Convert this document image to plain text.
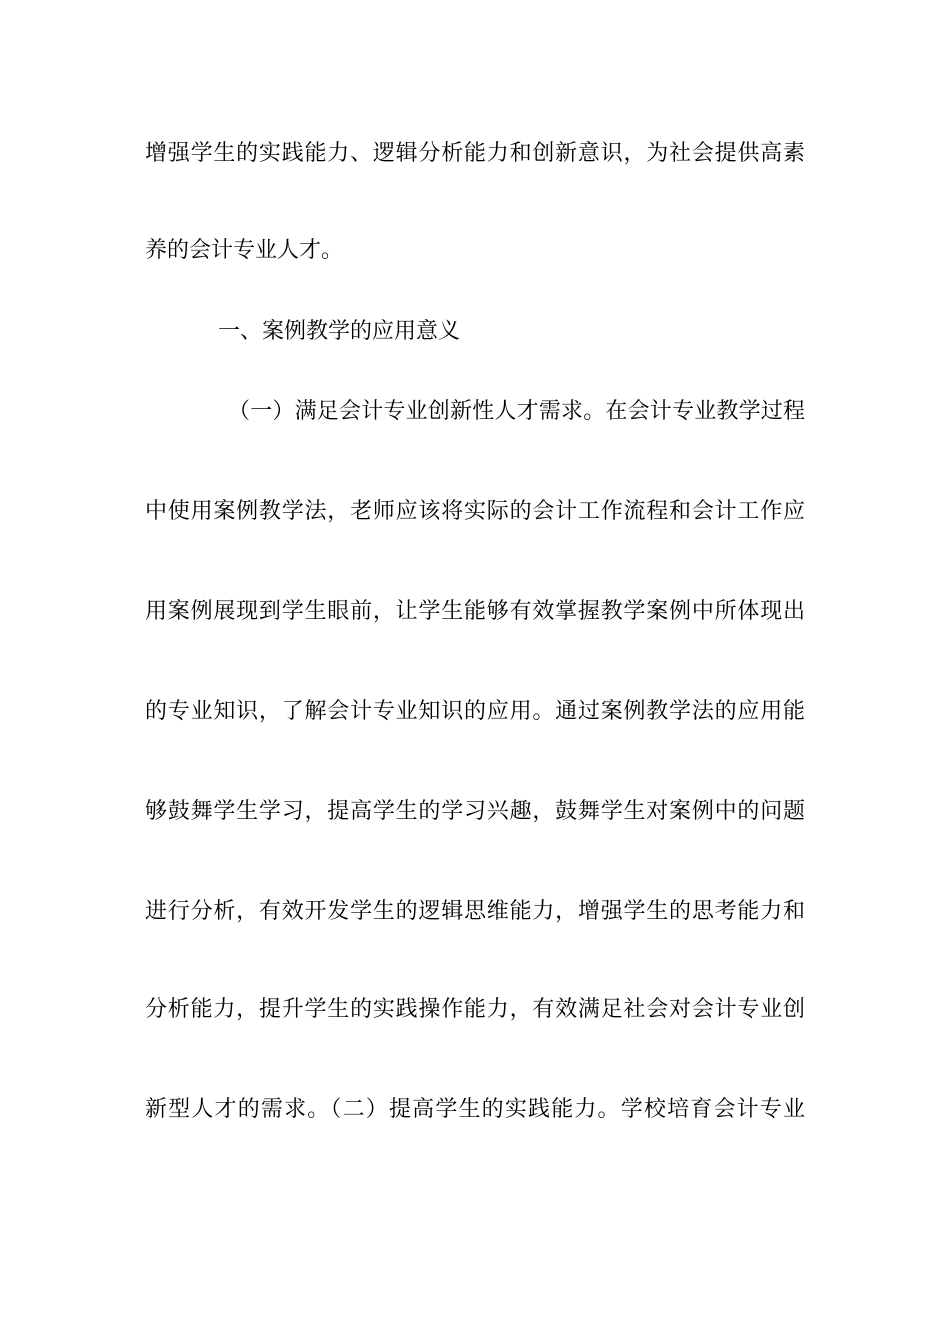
增强学生的实践能力、逻辑分析能力和创新意识，为社会提供高素
养的会计专业人才。
一、案例教学的应用意义
（一）满足会计专业创新性人才需求。在会计专业教学过程
中使用案例教学法，老师应该将实际的会计工作流程和会计工作应
用案例展现到学生眼前，让学生能够有效掌握教学案例中所体现出
的专业知识，了解会计专业知识的应用。通过案例教学法的应用能
够鼓舞学生学习，提高学生的学习兴趣，鼓舞学生对案例中的问题
进行分析，有效开发学生的逻辑思维能力，增强学生的思考能力和
分析能力，提升学生的实践操作能力，有效满足社会对会计专业创
新型人才的需求。（二）提高学生的实践能力。学校培育会计专业
